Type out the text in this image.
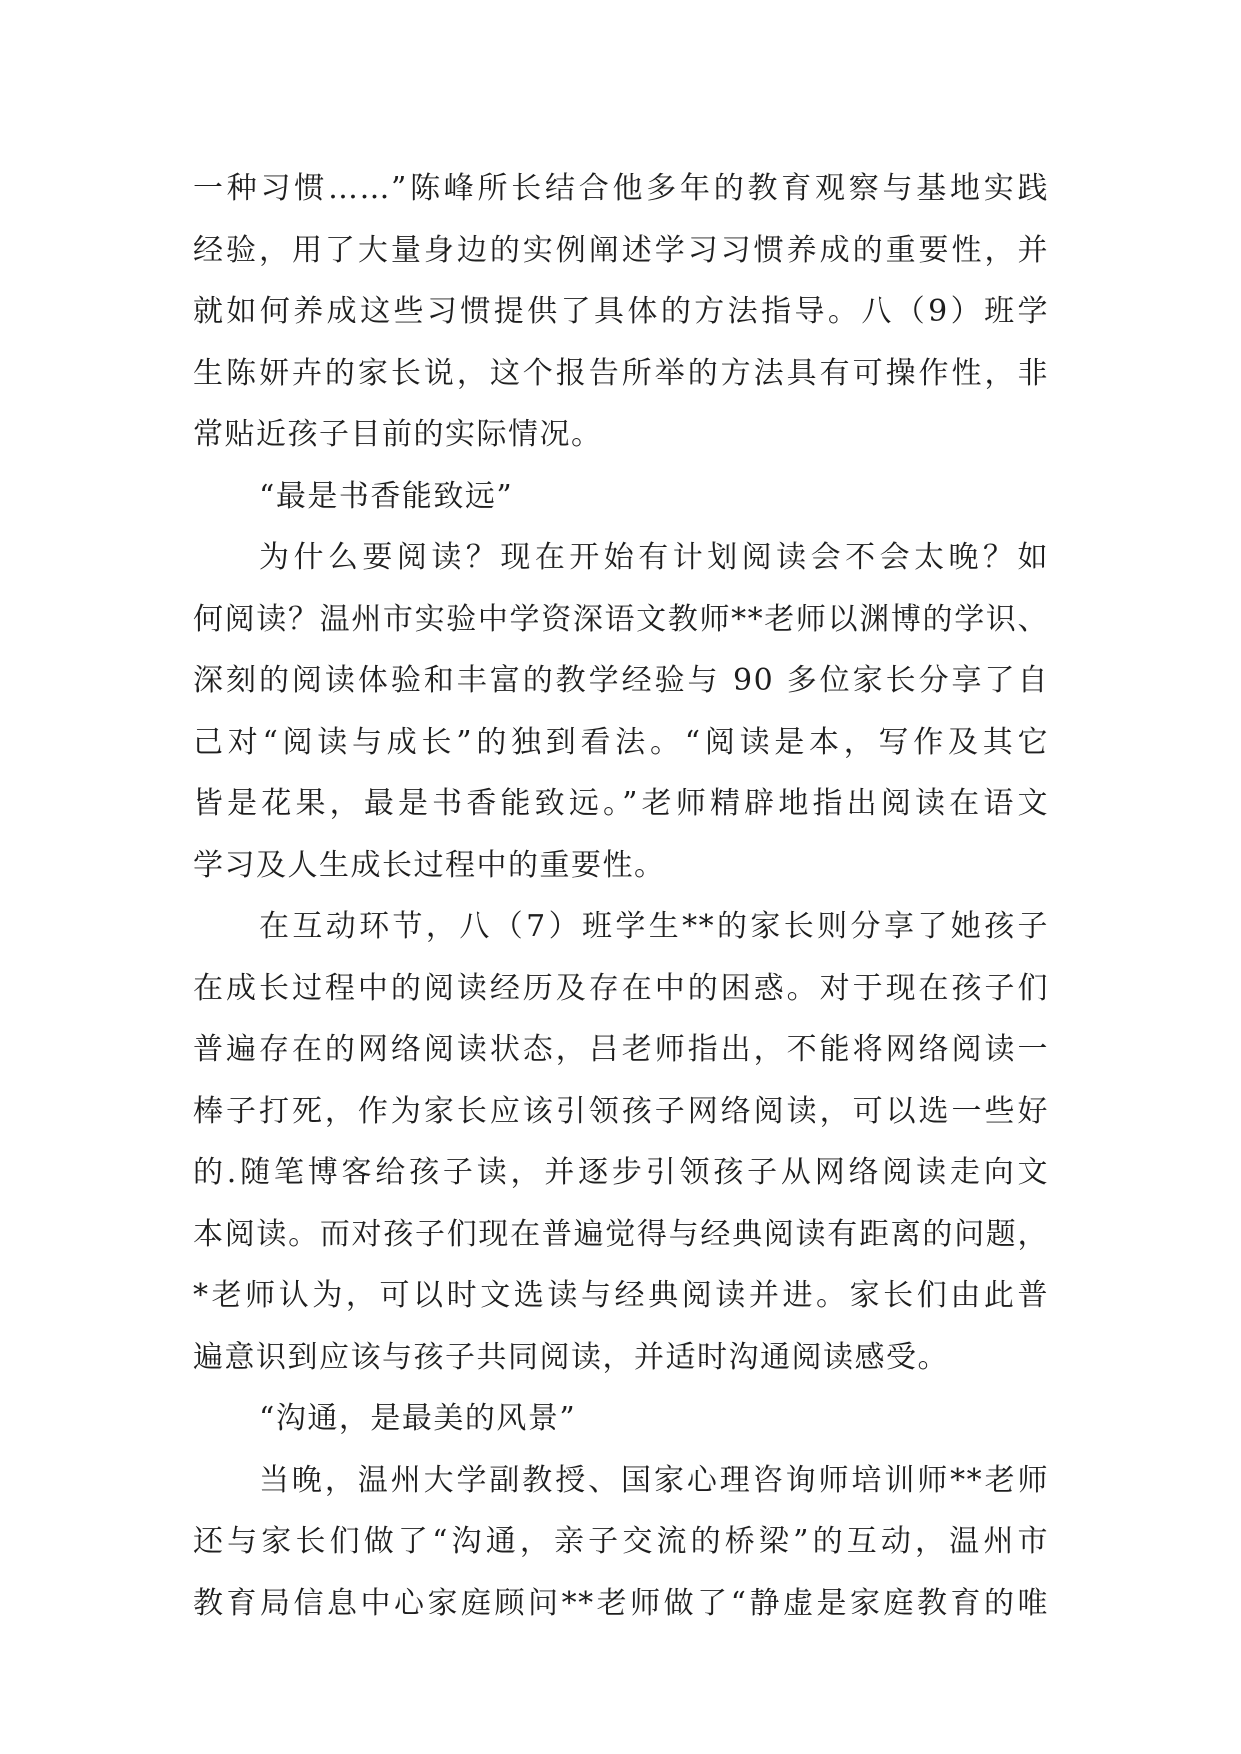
一种习惯……”陈峰所长结合他多年的教育观察与基地实践
经验，用了大量身边的实例阐述学习习惯养成的重要性，并
就如何养成这些习惯提供了具体的方法指导。八（9）班学
生陈妍卉的家长说，这个报告所举的方法具有可操作性，非
常贴近孩子目前的实际情况。
“最是书香能致远”
为什么要阅读？现在开始有计划阅读会不会太晚？如
何阅读？温州市实验中学资深语文教师**老师以渊博的学识、
深刻的阅读体验和丰富的教学经验与 90 多位家长分享了自
己对“阅读与成长”的独到看法。“阅读是本，写作及其它
皆是花果，最是书香能致远。”老师精辟地指出阅读在语文
学习及人生成长过程中的重要性。
在互动环节，八（7）班学生**的家长则分享了她孩子
在成长过程中的阅读经历及存在中的困惑。对于现在孩子们
普遍存在的网络阅读状态，吕老师指出，不能将网络阅读一
棒子打死，作为家长应该引领孩子网络阅读，可以选一些好
的.随笔博客给孩子读，并逐步引领孩子从网络阅读走向文
本阅读。而对孩子们现在普遍觉得与经典阅读有距离的问题，
*老师认为，可以时文选读与经典阅读并进。家长们由此普
遍意识到应该与孩子共同阅读，并适时沟通阅读感受。
“沟通，是最美的风景”
当晚，温州大学副教授、国家心理咨询师培训师**老师
还与家长们做了“沟通，亲子交流的桥梁”的互动，温州市
教育局信息中心家庭顾问**老师做了“静虚是家庭教育的唯
